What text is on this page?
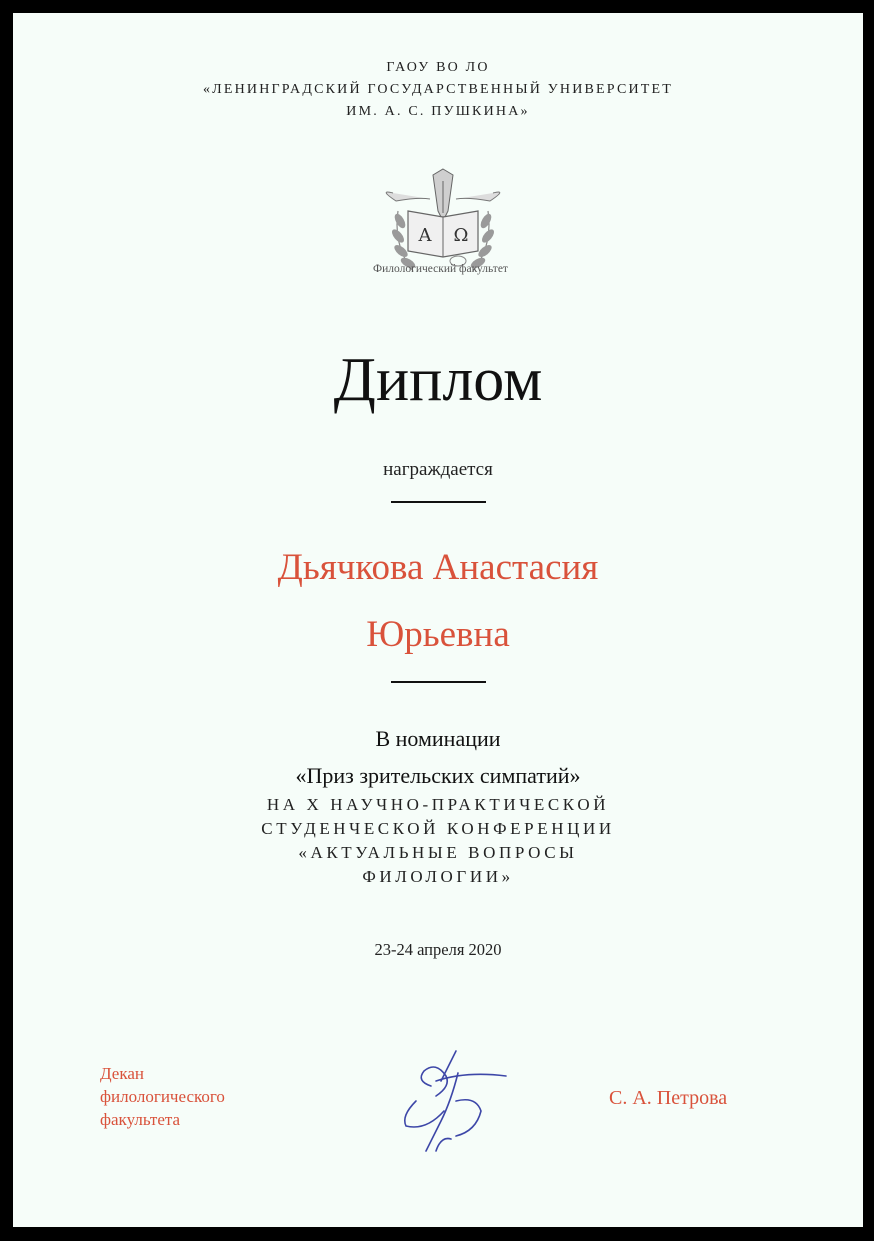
ГАОУ ВО ЛО
«ЛЕНИНГРАДСКИЙ ГОСУДАРСТВЕННЫЙ УНИВЕРСИТЕТ
ИМ. А. С. ПУШКИНА»
Α Ω
Филологический факультет
Диплом
награждается
Дьячкова Анастасия
Юрьевна
В номинации
«Приз зрительских симпатий»
НА X НАУЧНО-ПРАКТИЧЕСКОЙ
СТУДЕНЧЕСКОЙ КОНФЕРЕНЦИИ
«АКТУАЛЬНЫЕ ВОПРОСЫ
ФИЛОЛОГИИ»
23-24 апреля 2020
Декан
филологического
факультета
С. А. Петрова
